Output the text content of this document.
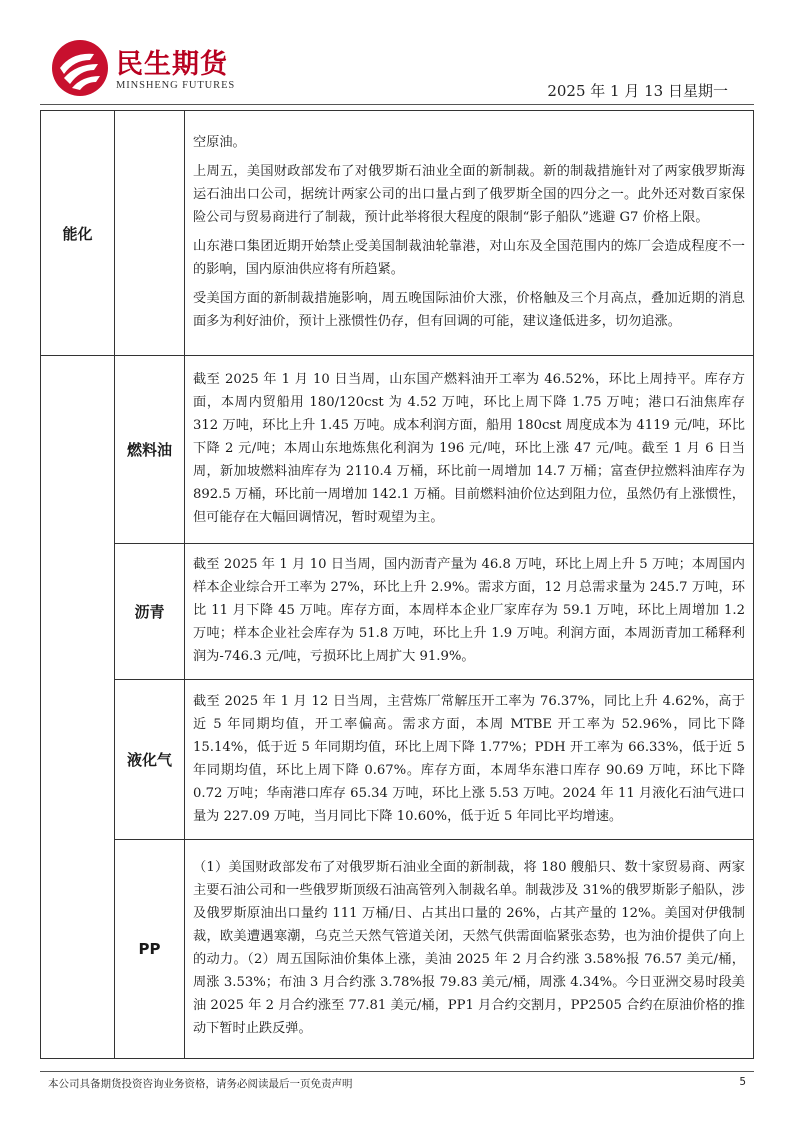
民生期货
MINSHENG FUTURES	2025 年 1 月 13 日星期一
能化		空原油。

上周五，美国财政部发布了对俄罗斯石油业全面的新制裁。新的制裁措施针对了两家俄罗斯海运石油出口公司，据统计两家公司的出口量占到了俄罗斯全国的四分之一。此外还对数百家保险公司与贸易商进行了制裁，预计此举将很大程度的限制“影子船队”逃避 G7 价格上限。

山东港口集团近期开始禁止受美国制裁油轮靠港，对山东及全国范围内的炼厂会造成程度不一的影响，国内原油供应将有所趋紧。

受美国方面的新制裁措施影响，周五晚国际油价大涨，价格触及三个月高点，叠加近期的消息面多为利好油价，预计上涨惯性仍存，但有回调的可能，建议逢低进多，切勿追涨。

	燃料油	截至 2025 年 1 月 10 日当周，山东国产燃料油开工率为 46.52%，环比上周持平。库存方面，本周内贸船用 180/120cst 为 4.52 万吨，环比上周下降 1.75 万吨；港口石油焦库存 312 万吨，环比上升 1.45 万吨。成本利润方面，船用 180cst 周度成本为 4119 元/吨，环比下降 2 元/吨；本周山东地炼焦化利润为 196 元/吨，环比上涨 47 元/吨。截至 1 月 6 日当周，新加坡燃料油库存为 2110.4 万桶，环比前一周增加 14.7 万桶；富查伊拉燃料油库存为 892.5 万桶，环比前一周增加 142.1 万桶。目前燃料油价位达到阻力位，虽然仍有上涨惯性，但可能存在大幅回调情况，暂时观望为主。

	沥青	截至 2025 年 1 月 10 日当周，国内沥青产量为 46.8 万吨，环比上周上升 5 万吨；本周国内样本企业综合开工率为 27%，环比上升 2.9%。需求方面，12 月总需求量为 245.7 万吨，环比 11 月下降 45 万吨。库存方面，本周样本企业厂家库存为 59.1 万吨，环比上周增加 1.2 万吨；样本企业社会库存为 51.8 万吨，环比上升 1.9 万吨。利润方面，本周沥青加工稀释利润为-746.3 元/吨，亏损环比上周扩大 91.9%。

	液化气	截至 2025 年 1 月 12 日当周，主营炼厂常解压开工率为 76.37%，同比上升 4.62%，高于近 5 年同期均值，开工率偏高。需求方面，本周 MTBE 开工率为 52.96%，同比下降 15.14%，低于近 5 年同期均值，环比上周下降 1.77%；PDH 开工率为 66.33%，低于近 5 年同期均值，环比上周下降 0.67%。库存方面，本周华东港口库存 90.69 万吨，环比下降 0.72 万吨；华南港口库存 65.34 万吨，环比上涨 5.53 万吨。2024 年 11 月液化石油气进口量为 227.09 万吨，当月同比下降 10.60%，低于近 5 年同比平均增速。

	PP	（1）美国财政部发布了对俄罗斯石油业全面的新制裁，将 180 艘船只、数十家贸易商、两家主要石油公司和一些俄罗斯顶级石油高管列入制裁名单。制裁涉及 31%的俄罗斯影子船队，涉及俄罗斯原油出口量约 111 万桶/日、占其出口量的 26%，占其产量的 12%。美国对伊俄制裁，欧美遭遇寒潮，乌克兰天然气管道关闭，天然气供需面临紧张态势，也为油价提供了向上的动力。（2）周五国际油价集体上涨，美油 2025 年 2 月合约涨 3.58%报 76.57 美元/桶，周涨 3.53%；布油 3 月合约涨 3.78%报 79.83 美元/桶，周涨 4.34%。今日亚洲交易时段美油 2025 年 2 月合约涨至 77.81 美元/桶，PP1 月合约交割月，PP2505 合约在原油价格的推动下暂时止跌反弹。

本公司具备期货投资咨询业务资格，请务必阅读最后一页免责声明	5
